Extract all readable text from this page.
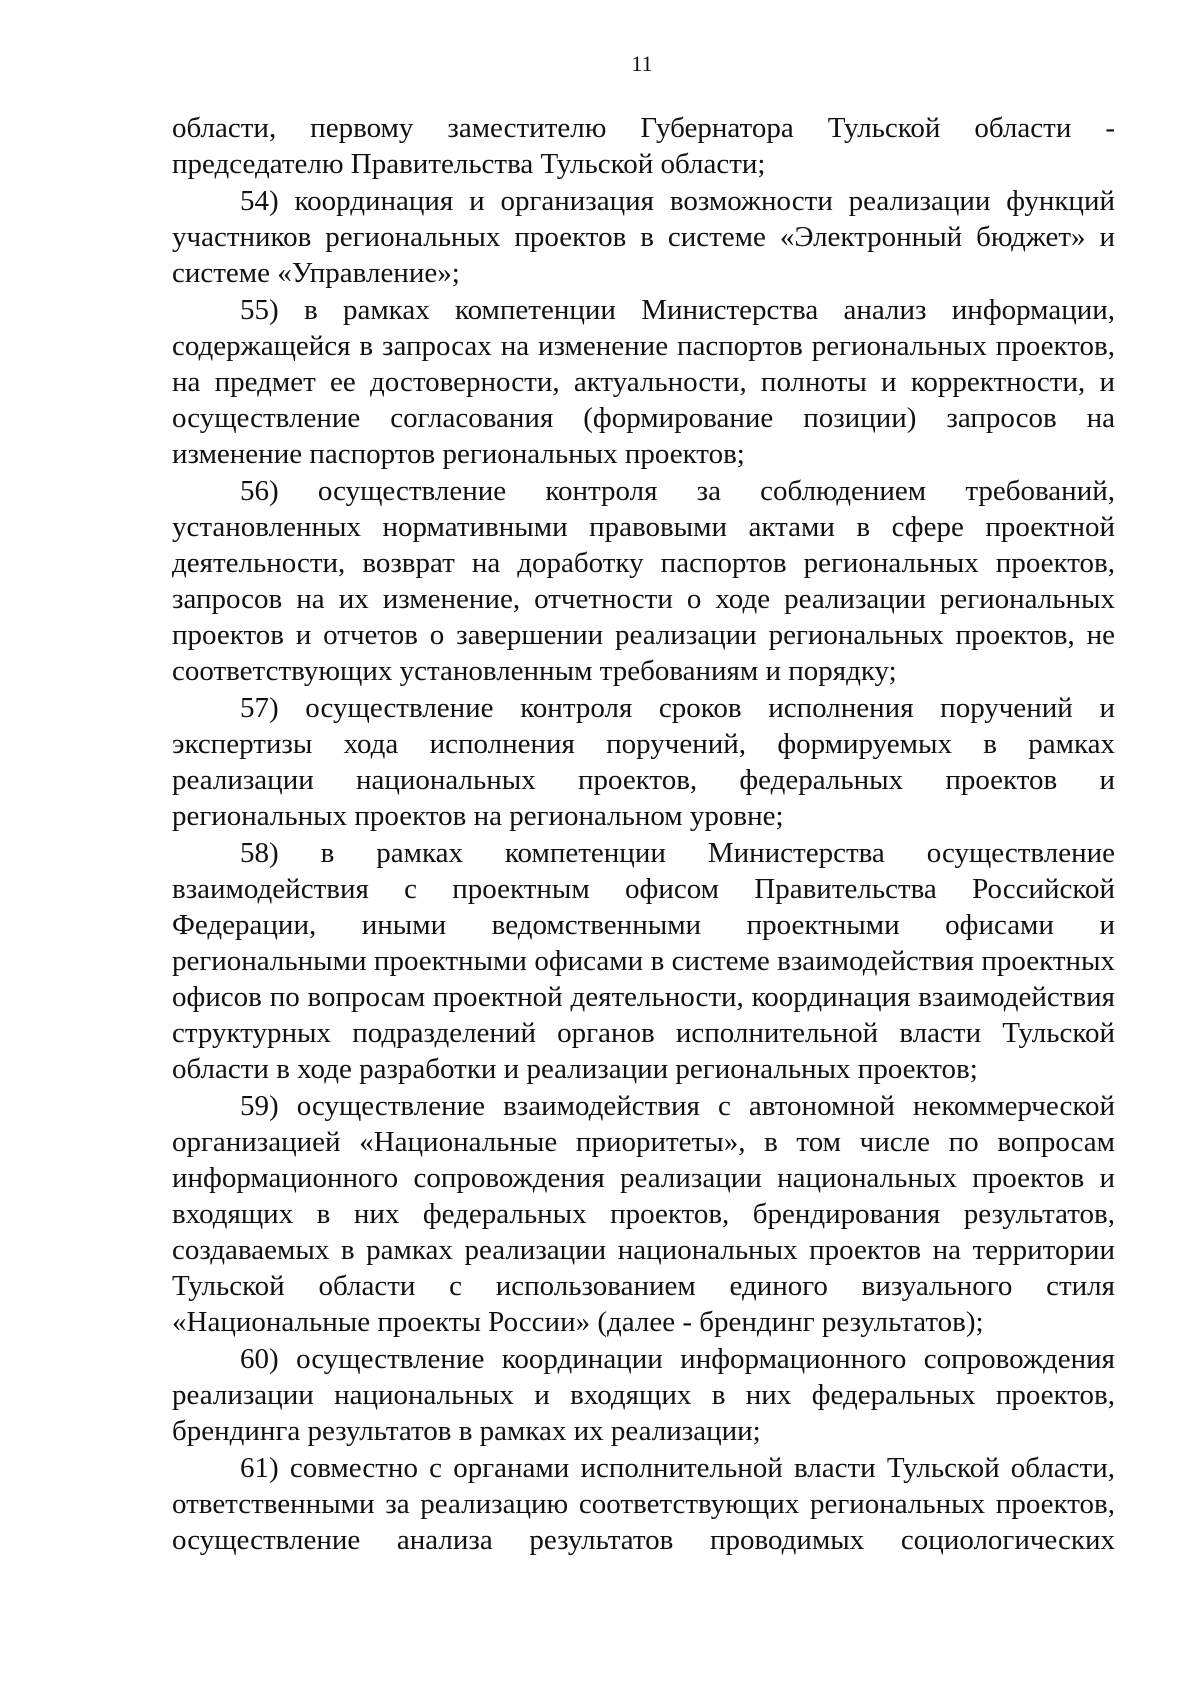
11

области, первому заместителю Губернатора Тульской области - председателю Правительства Тульской области;

54) координация и организация возможности реализации функций участников региональных проектов в системе «Электронный бюджет» и системе «Управление»;

55) в рамках компетенции Министерства анализ информации, содержащейся в запросах на изменение паспортов региональных проектов, на предмет ее достоверности, актуальности, полноты и корректности, и осуществление согласования (формирование позиции) запросов на изменение паспортов региональных проектов;

56) осуществление контроля за соблюдением требований, установленных нормативными правовыми актами в сфере проектной деятельности, возврат на доработку паспортов региональных проектов, запросов на их изменение, отчетности о ходе реализации региональных проектов и отчетов о завершении реализации региональных проектов, не соответствующих установленным требованиям и порядку;

57) осуществление контроля сроков исполнения поручений и экспертизы хода исполнения поручений, формируемых в рамках реализации национальных проектов, федеральных проектов и региональных проектов на региональном уровне;

58) в рамках компетенции Министерства осуществление взаимодействия с проектным офисом Правительства Российской Федерации, иными ведомственными проектными офисами и региональными проектными офисами в системе взаимодействия проектных офисов по вопросам проектной деятельности, координация взаимодействия структурных подразделений органов исполнительной власти Тульской области в ходе разработки и реализации региональных проектов;

59) осуществление взаимодействия с автономной некоммерческой организацией «Национальные приоритеты», в том числе по вопросам информационного сопровождения реализации национальных проектов и входящих в них федеральных проектов, брендирования результатов, создаваемых в рамках реализации национальных проектов на территории Тульской области с использованием единого визуального стиля «Национальные проекты России» (далее - брендинг результатов);

60) осуществление координации информационного сопровождения реализации национальных и входящих в них федеральных проектов, брендинга результатов в рамках их реализации;

61) совместно с органами исполнительной власти Тульской области, ответственными за реализацию соответствующих региональных проектов, осуществление анализа результатов проводимых социологических
